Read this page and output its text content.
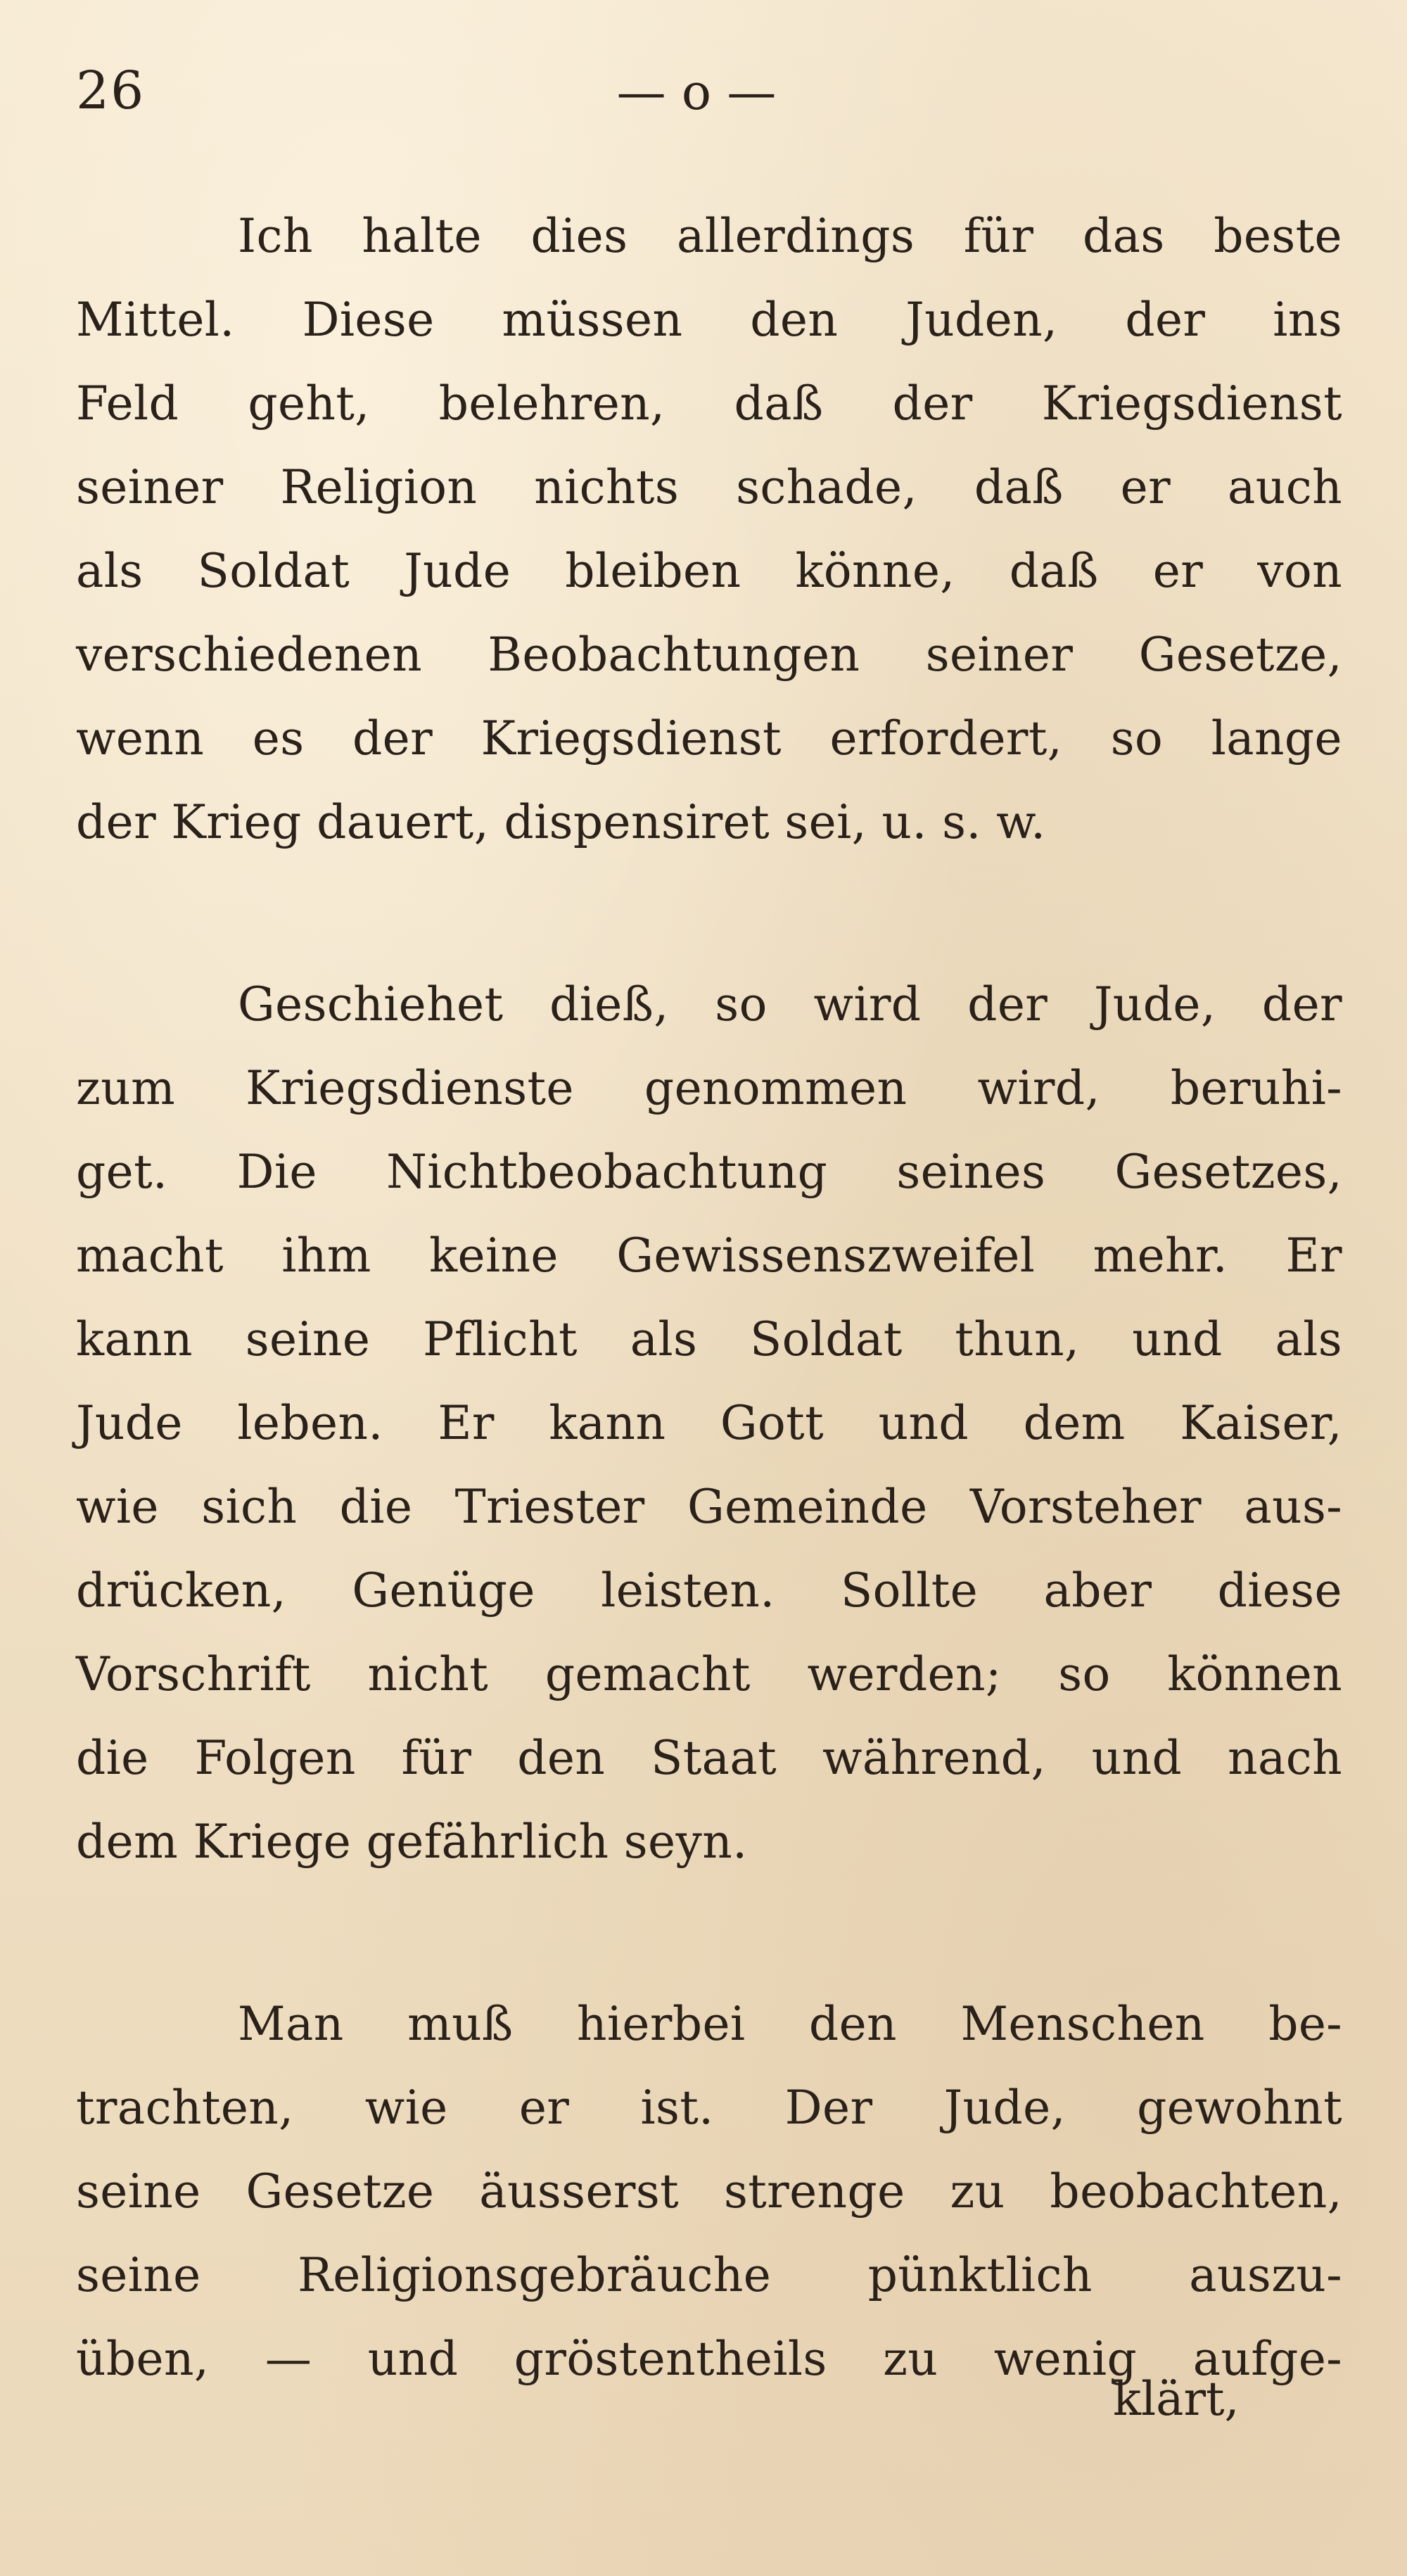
26	— o —

Ich halte dies allerdings für das beste
Mittel. Diese müssen den Juden, der ins
Feld geht, belehren, daß der Kriegsdienst
seiner Religion nichts schade, daß er auch
als Soldat Jude bleiben könne, daß er von
verschiedenen Beobachtungen seiner Gesetze,
wenn es der Kriegsdienst erfordert, so lange
der Krieg dauert, dispensiret sei, u. s. w.

Geschiehet dieß, so wird der Jude, der
zum Kriegsdienste genommen wird, beruhi-
get. Die Nichtbeobachtung seines Gesetzes,
macht ihm keine Gewissenszweifel mehr. Er
kann seine Pflicht als Soldat thun, und als
Jude leben. Er kann Gott und dem Kaiser,
wie sich die Triester Gemeinde Vorsteher aus-
drücken, Genüge leisten. Sollte aber diese
Vorschrift nicht gemacht werden; so können
die Folgen für den Staat während, und nach
dem Kriege gefährlich seyn.

Man muß hierbei den Menschen be-
trachten, wie er ist. Der Jude, gewohnt
seine Gesetze äusserst strenge zu beobachten,
seine Religionsgebräuche pünktlich auszu-
üben, — und gröstentheils zu wenig aufge-

klärt,
